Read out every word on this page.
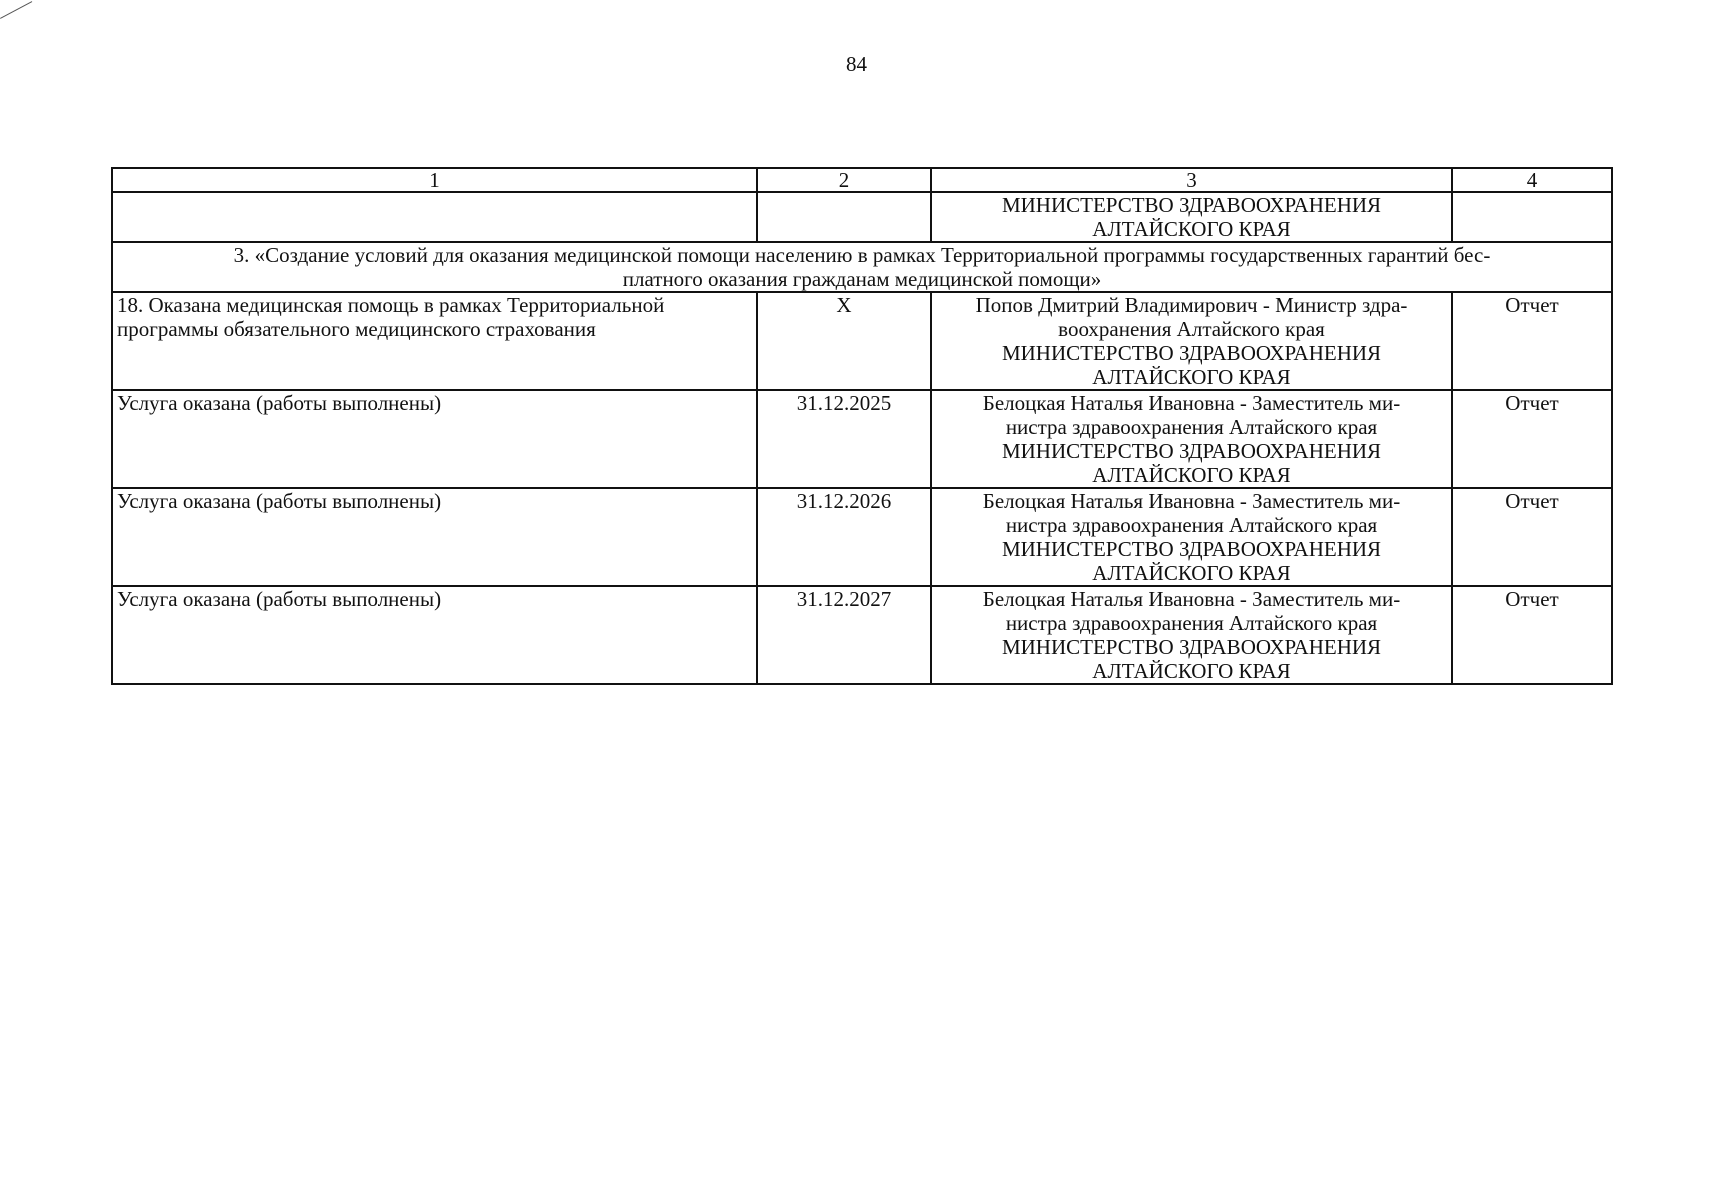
84
1	2	3	4

		МИНИСТЕРСТВО ЗДРАВООХРАНЕНИЯ
АЛТАЙСКОГО КРАЯ	

3. «Создание условий для оказания медицинской помощи населению в рамках Территориальной программы государственных гарантий бес-
платного оказания гражданам медицинской помощи»			

18. Оказана медицинская помощь в рамках Территориальной программы обязательного медицинского страхования	X	Попов Дмитрий Владимирович - Министр здра-
воохранения Алтайского края
МИНИСТЕРСТВО ЗДРАВООХРАНЕНИЯ
АЛТАЙСКОГО КРАЯ	Отчет
Услуга оказана (работы выполнены)	31.12.2025	Белоцкая Наталья Ивановна - Заместитель ми-
нистра здравоохранения Алтайского края
МИНИСТЕРСТВО ЗДРАВООХРАНЕНИЯ
АЛТАЙСКОГО КРАЯ	Отчет
Услуга оказана (работы выполнены)	31.12.2026	Белоцкая Наталья Ивановна - Заместитель ми-
нистра здравоохранения Алтайского края
МИНИСТЕРСТВО ЗДРАВООХРАНЕНИЯ
АЛТАЙСКОГО КРАЯ	Отчет
Услуга оказана (работы выполнены)	31.12.2027	Белоцкая Наталья Ивановна - Заместитель ми-
нистра здравоохранения Алтайского края
МИНИСТЕРСТВО ЗДРАВООХРАНЕНИЯ
АЛТАЙСКОГО КРАЯ	Отчет
